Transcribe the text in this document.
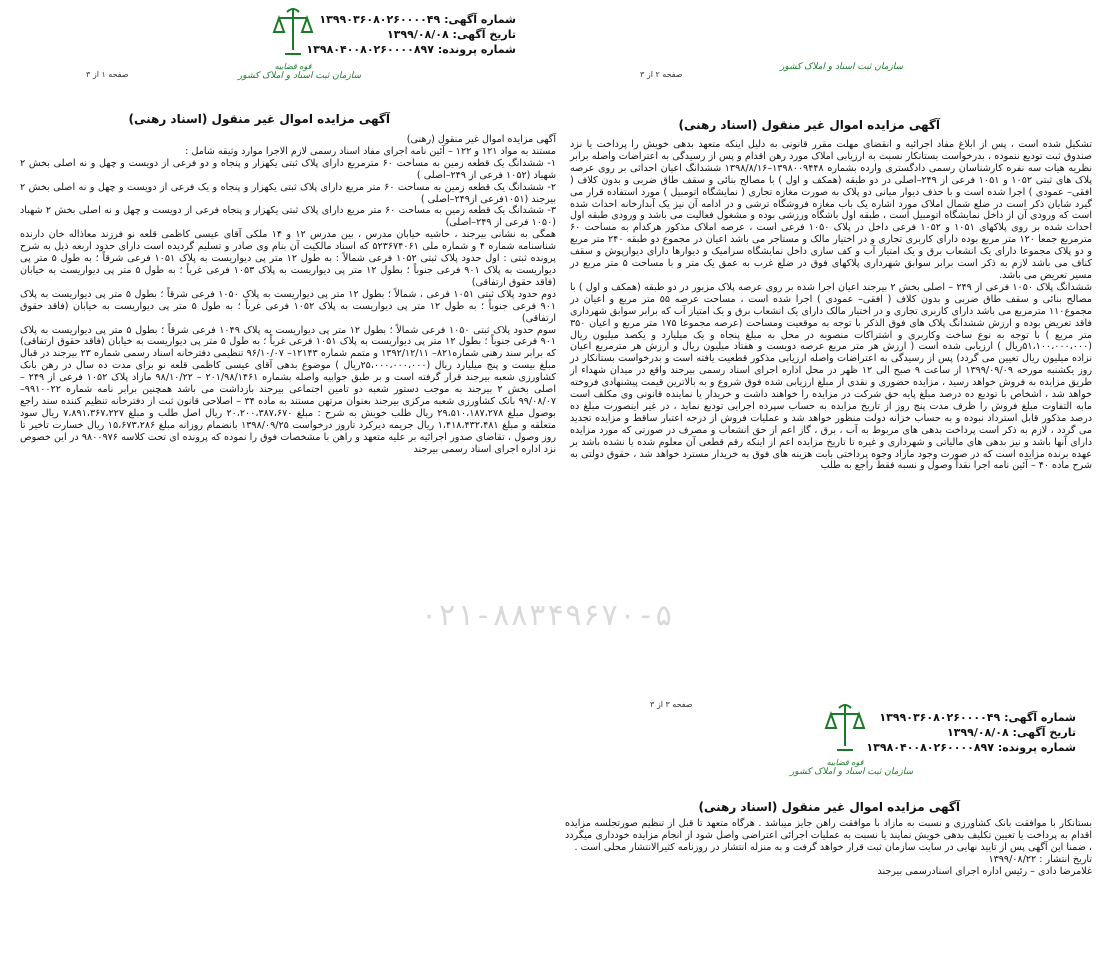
شماره آگهی: ۱۳۹۹۰۳۶۰۸۰۲۶۰۰۰۰۴۹
تاریخ آگهی: ۱۳۹۹/۰۸/۰۸
شماره پرونده: ۱۳۹۸۰۴۰۰۸۰۲۶۰۰۰۰۸۹۷
قوه قضاییه
سازمان ثبت اسناد و املاک کشور
صفحه ۱ از ۳
آگهی مزایده اموال غیر منقول (اسناد رهنی)

آگهی مزایده اموال غیر منقول (رهنی)

مستند به مواد ۱۲۱ و ۱۲۲ – آئین نامه اجرای مفاد اسناد رسمی لازم الاجرا موارد وثیقه شامل :

۱- ششدانگ یک قطعه زمین به مساحت ۶۰ مترمربع دارای پلاک ثبتی یکهزار و پنجاه و دو فرعی از دویست و چهل و نه اصلی بخش ۲ شهباد (۱۰۵۲ فرعی از ۲۴۹–اصلی )

۲- ششدانگ یک قطعه زمین به مساحت ۶۰ متر مربع دارای پلاک ثبتی یکهزار و پنجاه و یک فرعی از دویست و چهل و نه اصلی بخش ۲ بیرجند (۱۰۵۱فرعی از۲۴۹–اصلی )

۳- ششدانگ یک قطعه زمین به مساحت ۶۰ متر مربع دارای پلاک ثبتی یکهزار و پنجاه فرعی از دویست و چهل و نه اصلی بخش ۲ شهباد (۱۰۵۰ فرعی از ۲۴۹–اصلی)

همگی به نشانی بیرجند ، حاشیه خیابان مدرس ، بین مدرس ۱۲ و ۱۴ ملکی آقای عیسی کاظمی قلعه نو فرزند معاذاله خان دارنده شناسنامه شماره ۴ و شماره ملی ۵۲۳۶۷۴۰۶۱ که اسناد مالکیت آن بنام وی صادر و تسلیم گردیده است دارای حدود اربعه ذیل به شرح پرونده ثبتی : اول حدود پلاک ثبتی ۱۰۵۲ فرعی شمالاً : به طول ۱۲ متر پی دیواریست به پلاک ۱۰۵۱ فرعی شرقاً ؛ به طول ۵ متر پی دیواریست به پلاک ۹۰۱ فرعی جنوباً ؛ بطول ۱۲ متر پی دیواریست به پلاک ۱۰۵۳ فرعی غرباً ؛ به طول ۵ متر پی دیواریست به خیابان (فاقد حقوق ارتفاقی)

دوم حدود پلاک ثبتی ۱۰۵۱ فرعی ، شمالاً ؛ بطول ۱۲ متر پی دیواریست به پلاک ۱۰۵۰ فرعی شرقاً ؛ بطول ۵ متر پی دیواریست به پلاک ۹۰۱ فرعی جنوباً ؛ به طول ۱۲ متر پی دیواریست به پلاک ۱۰۵۲ فرعی غرباً ؛ به طول ۵ متر پی دیواریست به خیابان (فاقد حقوق ارتفاقی)

سوم حدود پلاک ثبتی ۱۰۵۰ فرعی شمالاً ؛ بطول ۱۲ متر پی دیواریست به پلاک ۱۰۴۹ فرعی شرقاً ؛ بطول ۵ متر پی دیواریست به پلاک ۹۰۱ فرعی جنوباً ؛ بطول ۱۲ متر پی دیواریست به پلاک ۱۰۵۱ فرعی غرباً ؛ به طول ۵ متر پی دیواریست به خیابان (فاقد حقوق ارتفاقی) که برابر سند رهنی شماره۸۲۱– ۱۳۹۲/۱۲/۱۱ و متمم شماره ۱۲۱۴۳– ۹۶/۱۰/۰۷ تنظیمی دفترخانه اسناد رسمی شماره ۲۳ بیرجند در قبال مبلغ بیست و پنج میلیارد ریال (۲۵،۰۰۰،۰۰۰،۰۰۰ریال ) موضوع بدهی آقای عیسی کاظمی قلعه نو برای مدت ده سال در رهن بانک کشاورزی شعبه بیرجند قرار گرفته است و بر طبق جوابیه واصله بشماره ۲۰۱/۹۸/۱۴۶۱ – ۹۸/۱۰/۲۲ مازاد پلاک ۱۰۵۲ فرعی از ۲۴۹ –اصلی بخش ۲ بیرجند به موجب دستور شعبه دو تامین اجتماعی بیرجند بازداشت می باشد همچنین برابر نامه شماره ۹۹۱۰۰۲۲– ۹۹/۰۸/۰۷ بانک کشاورزی شعبه مرکزی بیرجند بعنوان مرتهن مستند به ماده ۳۴ – اصلاحی قانون ثبت از دفترخانه تنظیم کننده سند راجع بوصول مبلغ ۲۹،۵۱۰،۱۸۷،۲۷۸ ریال طلب خویش به شرح : مبلغ ۲۰،۲۰۰،۳۸۷،۶۷۰ ریال اصل طلب و مبلغ ۷،۸۹۱،۳۶۷،۲۲۷ ریال سود متعلقه و مبلغ ۱،۴۱۸،۴۳۲،۴۸۱ ریال جریمه دیرکرد تاروز درخواست ۱۳۹۸/۰۹/۲۵ بانضمام روزانه مبلغ ۱۵،۶۷۳،۲۸۶ ریال خسارت تاخیر تا روز وصول ، تقاضای صدور اجرائیه بر علیه متعهد و راهن با مشخصات فوق را نموده که پرونده ای تحت کلاسه ۹۸۰۰۹۷۶ در این خصوص نزد اداره اجرای اسناد رسمی بیرجند

سازمان ثبت اسناد و املاک کشور
صفحه ۲ از ۳
آگهی مزایده اموال غیر منقول (اسناد رهنی)

تشکیل شده است ، پس از ابلاغ مفاد اجرائیه و انقضای مهلت مقرر قانونی به دلیل اینکه متعهد بدهی خویش را پرداخت یا نزد صندوق ثبت تودیع ننموده ، بدرخواست بستانکار نسبت به ارزیابی املاک مورد رهن اقدام و پس از رسیدگی به اعتراضات واصله برابر نظریه هیات سه نفره کارشناسان رسمی دادگستری وارده بشماره ۱۳۹۸۰۰۹۴۴۸–۱۳۹۸/۸/۱۶ ششدانگ اعیان احداثی بر روی عرصه پلاک های ثبتی ۱۰۵۲ و ۱۰۵۱ فرعی از ۲۴۹–اصلی در دو طبقه (همکف و اول ) با مصالح بنائی و سقف طاق ضربی و بدون کلاف ( افقی– عمودی ) اجرا شده است و با حذف دیوار میانی دو پلاک به صورت مغازه تجاری ( نمایشگاه اتومبیل ) مورد استفاده قرار می گیرد شایان ذکر است در ضلع شمال املاک مورد اشاره یک باب مغازه فروشگاه ترشی و در ادامه آن نیز یک آبدارخانه احداث شده است که ورودی آن از داخل نمایشگاه اتومبیل است ، طبقه اول باشگاه ورزشی بوده و مشغول فعالیت می باشد و ورودی طبقه اول احداث شده بر روی پلاکهای ۱۰۵۱ و ۱۰۵۲ فرعی داخل در پلاک ۱۰۵۰ فرعی است ، عرصه املاک مذکور هرکدام به مساحت ۶۰ مترمربع جمعا ۱۲۰ متر مربع بوده دارای کاربری تجاری و در اختیار مالک و مستاجر می باشد اعیان در مجموع دو طبقه ۲۴۰ متر مربع و دو پلاک مجموعا دارای یک انشعاب برق و یک امتیاز آب و کف سازی داخل نمایشگاه سرامیک و دیوارها دارای دیوارپوش و سقف کناف می باشد لازم به ذکر است برابر سوابق شهرداری پلاکهای فوق در ضلع غرب به عمق یک متر و با مساحت ۵ متر مربع در مسیر تعریض می باشد.

ششدانگ پلاک ۱۰۵۰ فرعی از ۲۴۹ – اصلی بخش ۲ بیرجند اعیان اجرا شده بر روی عرصه پلاک مزبور در دو طبقه (همکف و اول ) با مصالح بنائی و سقف طاق ضربی و بدون کلاف ( افقی– عمودی ) اجرا شده است ، مساحت عرصه ۵۵ متر مربع و اعیان در مجموع۱۱۰ مترمربع می باشد دارای کاربری تجاری و در اختیار مالک دارای یک انشعاب برق و یک امتیاز آب که برابر سوابق شهرداری فاقد تعریض بوده و ارزش ششدانگ پلاک های فوق الذکر با توجه به موقعیت ومساحت (عرصه مجموعا ۱۷۵ متر مربع و اعیان ۳۵۰ متر مربع ) با توجه به نوع ساخت وکاربری و اشتراکات منصوبه در محل به مبلغ پنجاه و یک میلیارد و یکصد میلیون ریال (۵۱،۱۰۰،۰۰۰،۰۰۰ریال ) ارزیابی شده است ( ارزش هر متر مربع عرصه دویست و هفتاد میلیون ریال و ارزش هر مترمربع اعیان نزاده میلیون ریال تعیین می گردد) پس از رسیدگی به اعتراضات واصله ارزیابی مذکور قطعیت یافته است و بدرخواست بستانکار در روز یکشنبه مورخه ۱۳۹۹/۰۹/۰۹ از ساعت ۹ صبح الی ۱۲ ظهر در محل اداره اجرای اسناد رسمی بیرجند واقع در میدان شهداء از طریق مزایده به فروش خواهد رسید ، مزایده حضوری و نقدی از مبلغ ارزیابی شده فوق شروع و به بالاترین قیمت پیشنهادی فروخته خواهد شد ، اشخاص با تودیع ده درصد مبلغ پایه حق شرکت در مزایده را خواهند داشت و خریدار یا نماینده قانونی وی مکلف است مابه التفاوت مبلغ فروش را ظرف مدت پنج روز از تاریخ مزایده به حساب سپرده اجرایی تودیع نماید ، در غیر اینصورت مبلغ ده درصد مذکور قابل استرداد نبوده و به حساب خزانه دولت منظور خواهد شد و عملیات فروش از درجه اعتبار ساقط و مزایده تجدید می گردد ، لازم به ذکر است پرداخت بدهی های مربوط به آب ، برق ، گاز اعم از حق انشعاب و مصرف در صورتی که مورد مزایده دارای آنها باشد و نیز بدهی های مالیاتی و شهرداری و غیره تا تاریخ مزایده اعم از اینکه رقم قطعی آن معلوم شده یا نشده باشد بر عهده برنده مزایده است که در صورت وجود مازاد وجوه پرداختی بابت هزینه های فوق به خریدار مسترد خواهد شد ، حقوق دولتی به شرح ماده ۴۰ – آئین نامه اجرا نقداً وصول و نسبه فقط راجع به طلب

۰۲۱-۸۸۳۴۹۶۷۰-۵
شماره آگهی: ۱۳۹۹۰۳۶۰۸۰۲۶۰۰۰۰۴۹
تاریخ آگهی: ۱۳۹۹/۰۸/۰۸
شماره پرونده: ۱۳۹۸۰۴۰۰۸۰۲۶۰۰۰۰۸۹۷
قوه قضاییه
سازمان ثبت اسناد و املاک کشور
صفحه ۳ از ۳
آگهی مزایده اموال غیر منقول (اسناد رهنی)

بستانکار با موافقت بانک کشاورزی و نسبت به مازاد با موافقت راهن جایز میباشد . هرگاه متعهد تا قبل از تنظیم صورتجلسه مزایده اقدام به پرداخت یا تعیین تکلیف بدهی خویش نمایند یا نسبت به عملیات اجرائی اعتراضی واصل شود از انجام مزایده خودداری میگردد ، ضمنا این آگهی پس از تایید نهایی در سایت سازمان ثبت قرار خواهد گرفت و به منزله انتشار در روزنامه کثیرالانتشار محلی است .

تاریخ انتشار : ۱۳۹۹/۰۸/۲۲

غلامرضا دادی – رئیس اداره اجرای اسنادرسمی بیرجند
